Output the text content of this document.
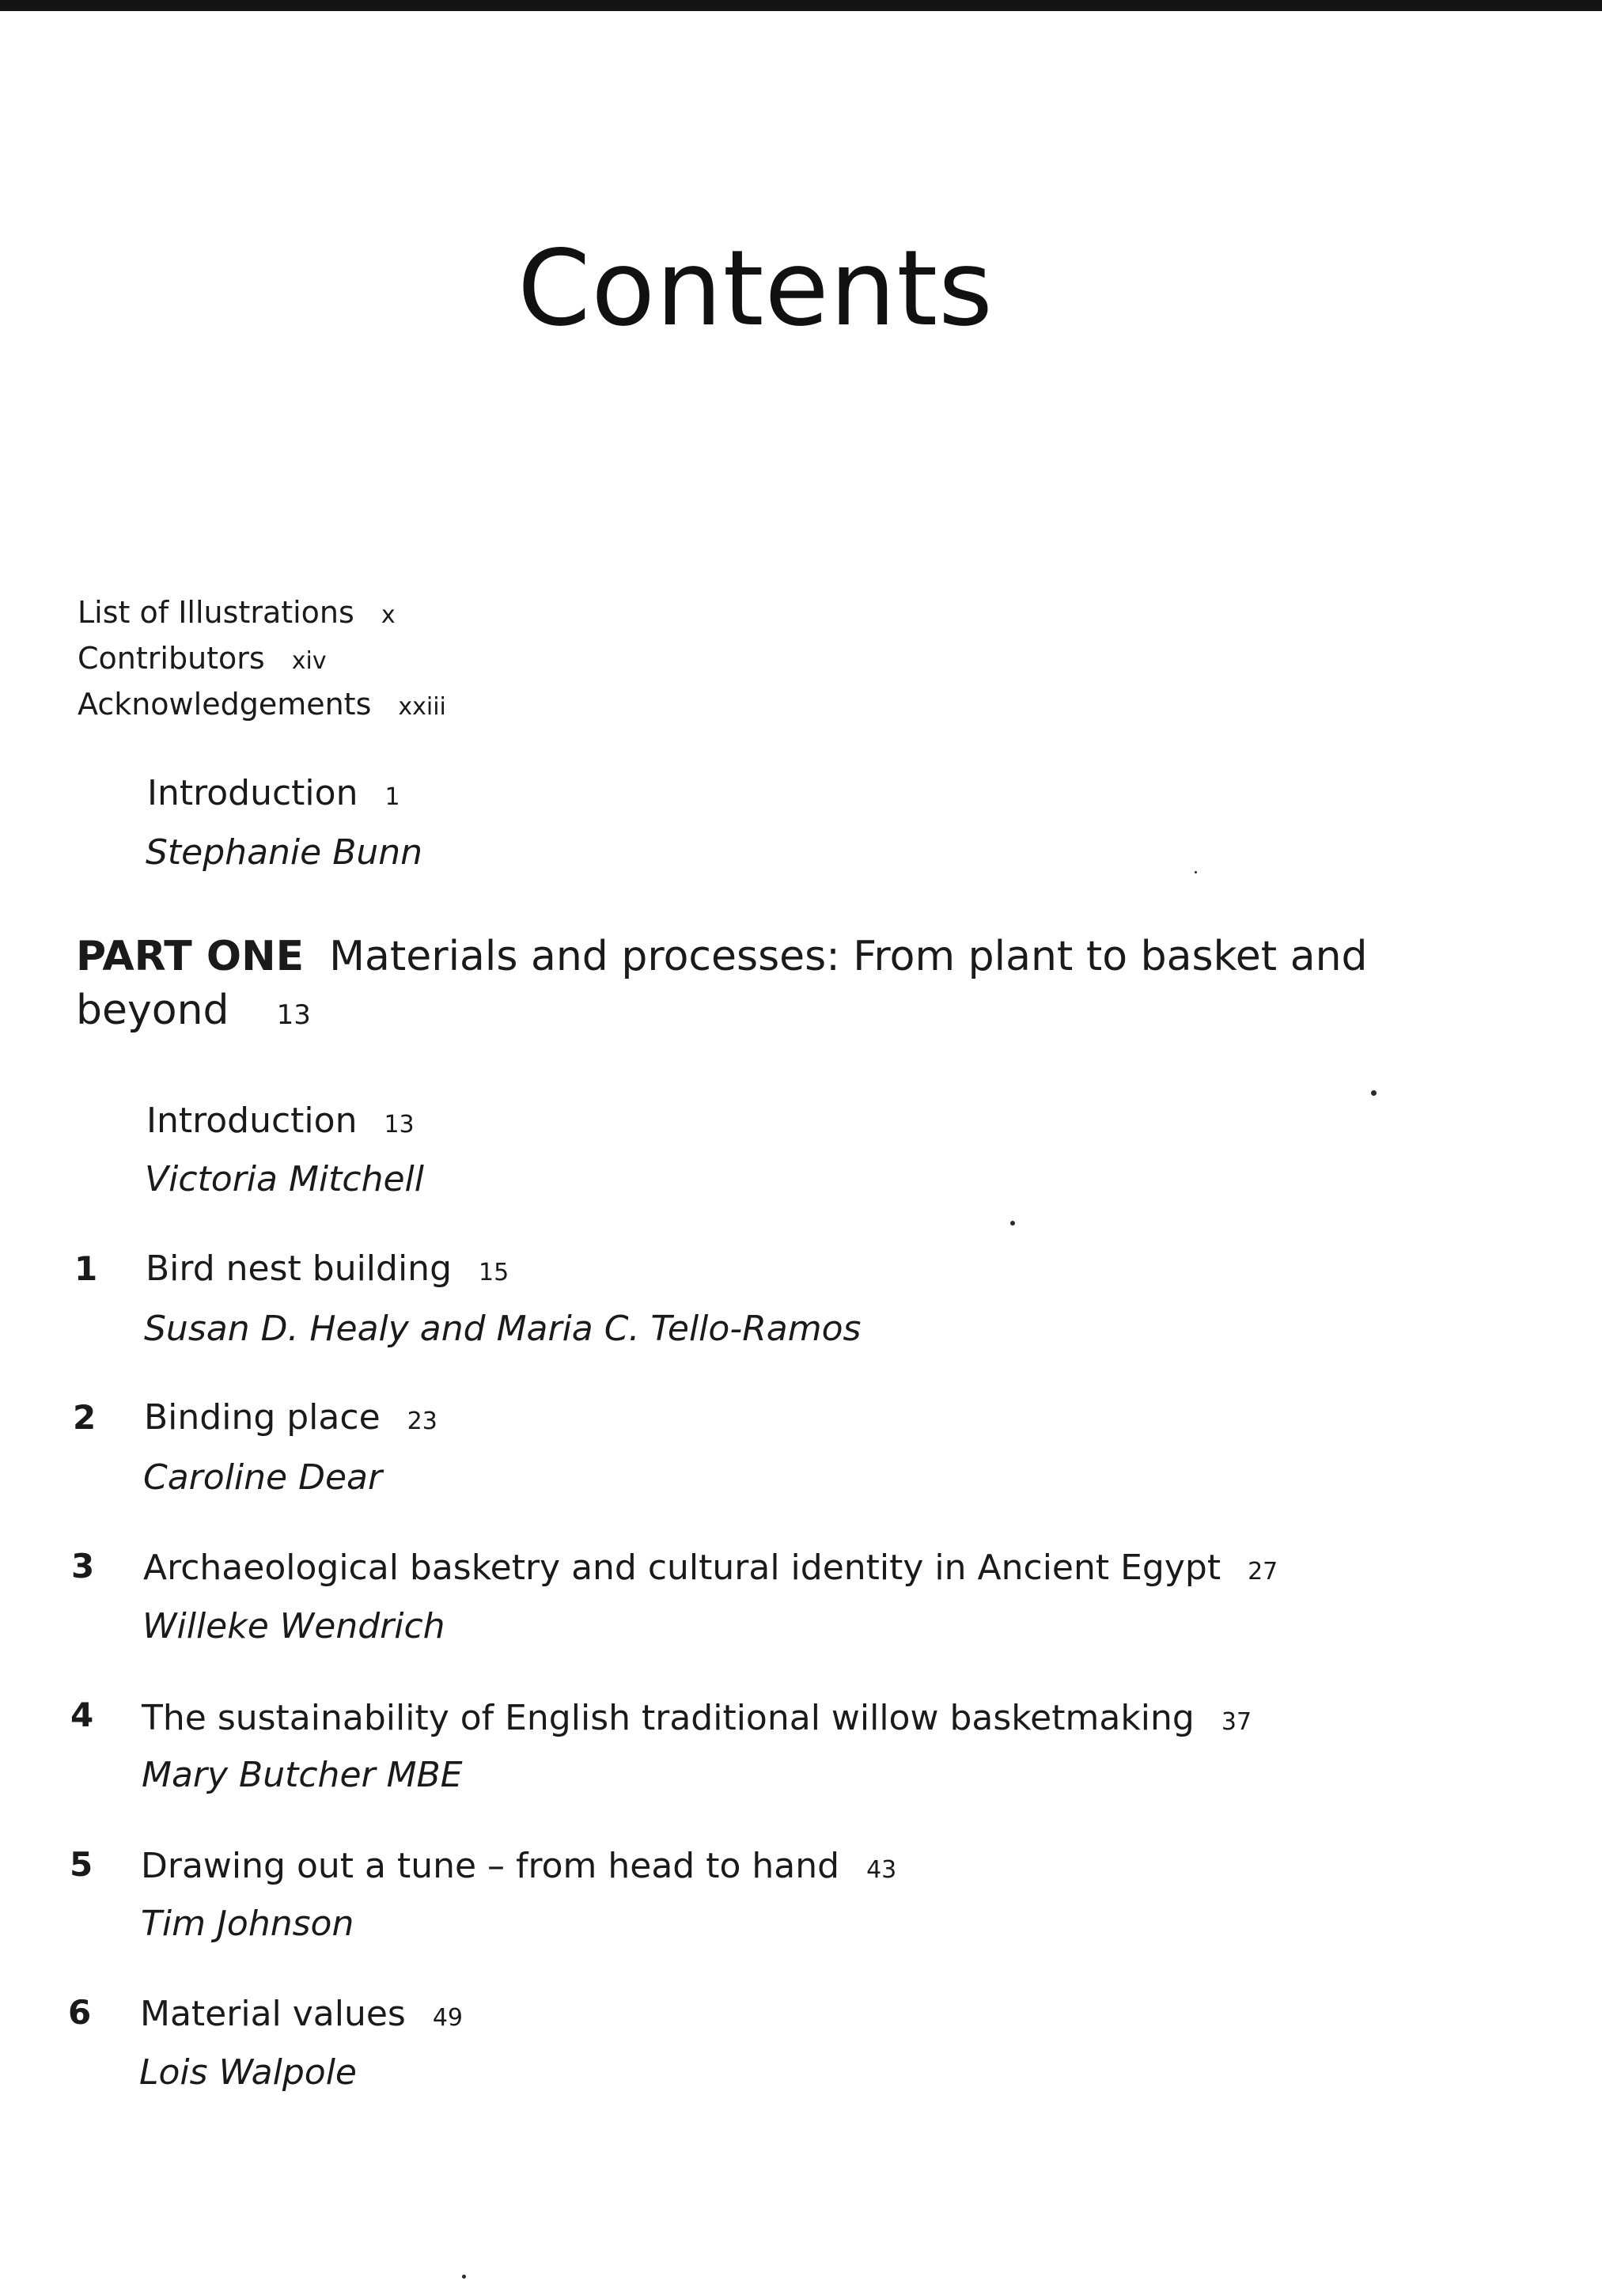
Contents
List of Illustrations x
Contributors xiv
Acknowledgements xxiii
Introduction 1
Stephanie Bunn
PART ONE Materials and processes: From plant to basket and
beyond 13
Introduction 13
Victoria Mitchell
1 Bird nest building 15
Susan D. Healy and Maria C. Tello-Ramos
2 Binding place 23
Caroline Dear
3 Archaeological basketry and cultural identity in Ancient Egypt 27
Willeke Wendrich
4 The sustainability of English traditional willow basketmaking 37
Mary Butcher MBE
5 Drawing out a tune – from head to hand 43
Tim Johnson
6 Material values 49
Lois Walpole
